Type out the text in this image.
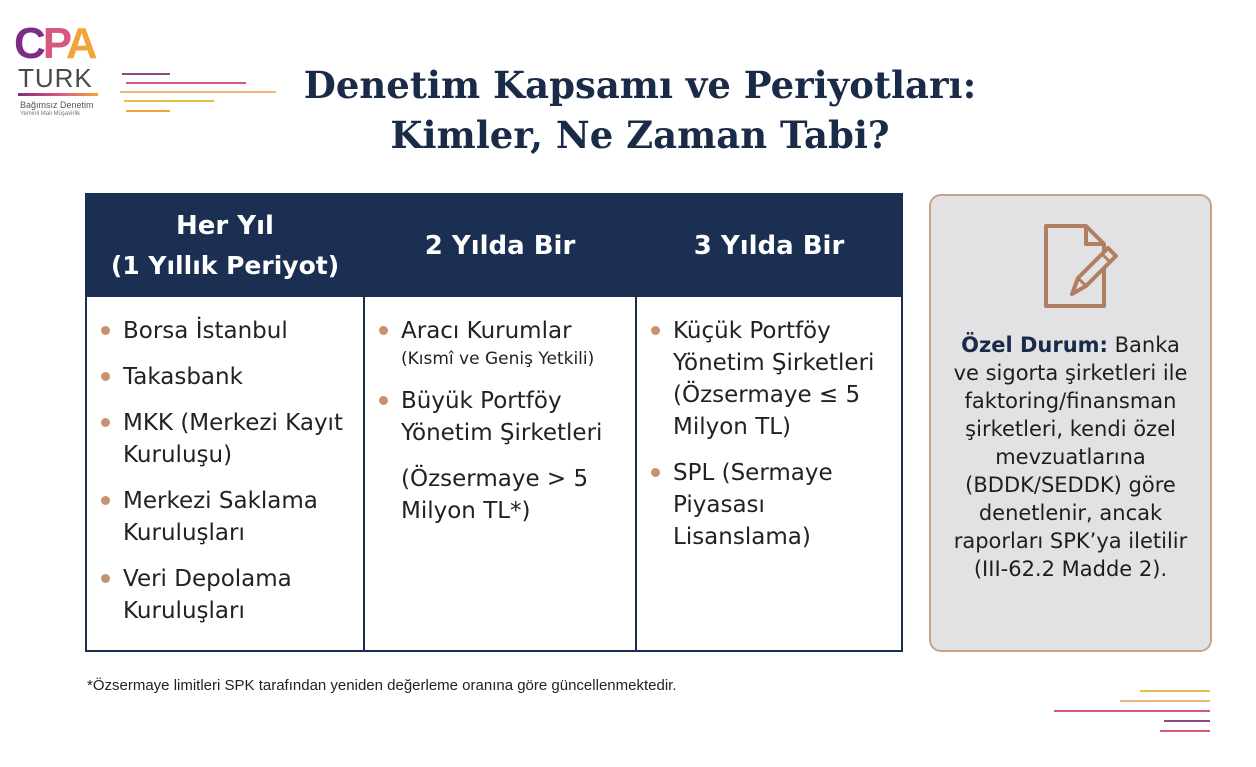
CPA
TURK
Bağımsız Denetim
Yeminli Mali Müşavirlik
Denetim Kapsamı ve Periyotları:
Kimler, Ne Zaman Tabi?
Her Yıl
(1 Yıllık Periyot)
Borsa İstanbul
Takasbank
MKK (Merkezi Kayıt Kuruluşu)
Merkezi Saklama Kuruluşları
Veri Depolama Kuruluşları
2 Yılda Bir
Aracı Kurumlar
(Kısmî ve Geniş Yetkili)
Büyük Portföy Yönetim Şirketleri
(Özsermaye > 5 Milyon TL*)
3 Yılda Bir
Küçük Portföy Yönetim Şirketleri
(Özsermaye ≤ 5 Milyon TL)
SPL (Sermaye Piyasası Lisanslama)
Özel Durum: Banka ve sigorta şirketleri ile faktoring/finansman şirketleri, kendi özel mevzuatlarına (BDDK/SEDDK) göre denetlenir, ancak raporları SPK’ya iletilir (III-62.2 Madde 2).
*Özsermaye limitleri SPK tarafından yeniden değerleme oranına göre güncellenmektedir.
